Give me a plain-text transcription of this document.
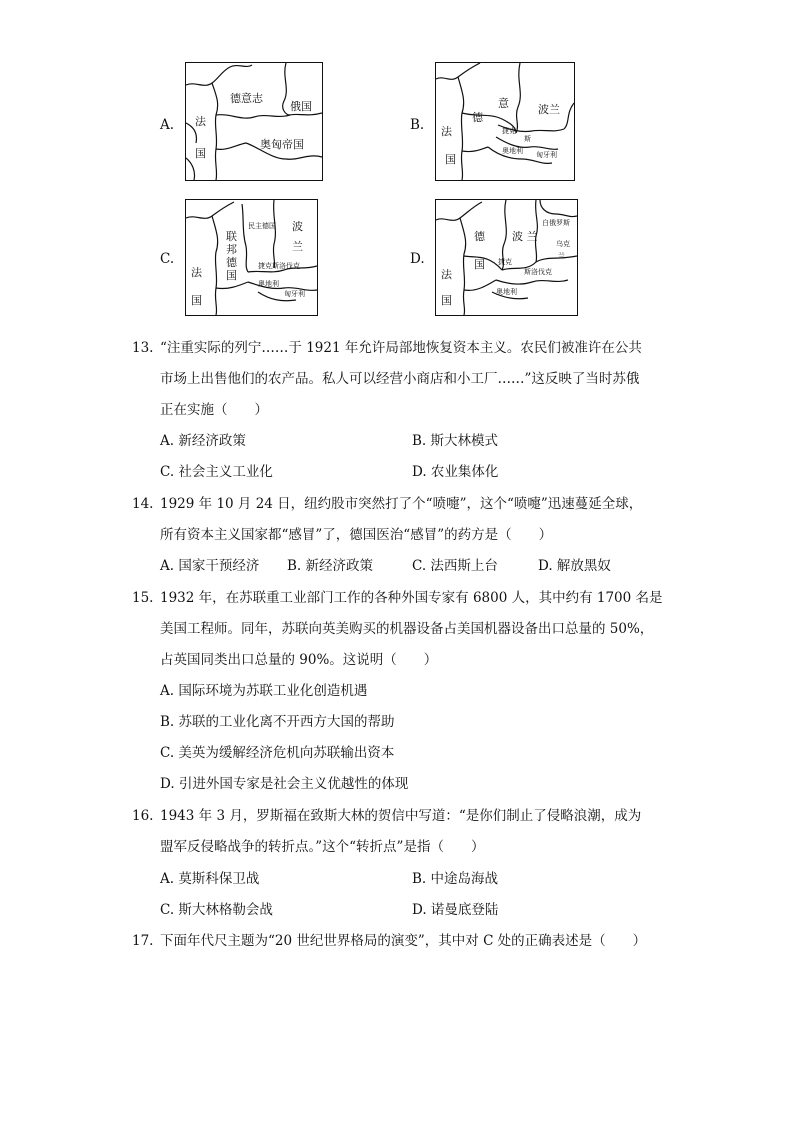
A.
德意志
俄国
法
国
奥匈帝国
B. 法
国
德
意	波兰
捷克
斯
匈牙利
奥地利
C.
联
邦
德
国
民主德国 波
兰
法
国
捷克斯洛伐克
奥地利
匈牙利
D.
德
国
波 兰
白俄罗斯
乌克
兰
法
国
捷克
斯洛伐克
奥地利
13. “注重实际的列宁……于 1921 年允许局部地恢复资本主义。农民们被准许在公共
市场上出售他们的农产品。私人可以经营小商店和小工厂……”这反映了当时苏俄
正在实施（　　）
A. 新经济政策	B. 斯大林模式
C. 社会主义工业化	D. 农业集体化
14. 1929 年 10 月 24 日，纽约股市突然打了个“喷嚏”，这个“喷嚏”迅速蔓延全球，
所有资本主义国家都“感冒”了，德国医治“感冒”的药方是（　　）
A. 国家干预经济 B. 新经济政策	C. 法西斯上台	D. 解放黑奴
15. 1932 年，在苏联重工业部门工作的各种外国专家有 6800 人，其中约有 1700 名是
美国工程师。同年，苏联向英美购买的机器设备占美国机器设备出口总量的 50%，
占英国同类出口总量的 90%。这说明（　　）
A. 国际环境为苏联工业化创造机遇
B. 苏联的工业化离不开西方大国的帮助
C. 美英为缓解经济危机向苏联输出资本
D. 引进外国专家是社会主义优越性的体现
16. 1943 年 3 月，罗斯福在致斯大林的贺信中写道：“是你们制止了侵略浪潮，成为
盟军反侵略战争的转折点。”这个“转折点”是指（　　）
A. 莫斯科保卫战	B. 中途岛海战
C. 斯大林格勒会战	D. 诺曼底登陆
17. 下面年代尺主题为“20 世纪世界格局的演变”，其中对 C 处的正确表述是（　　）
